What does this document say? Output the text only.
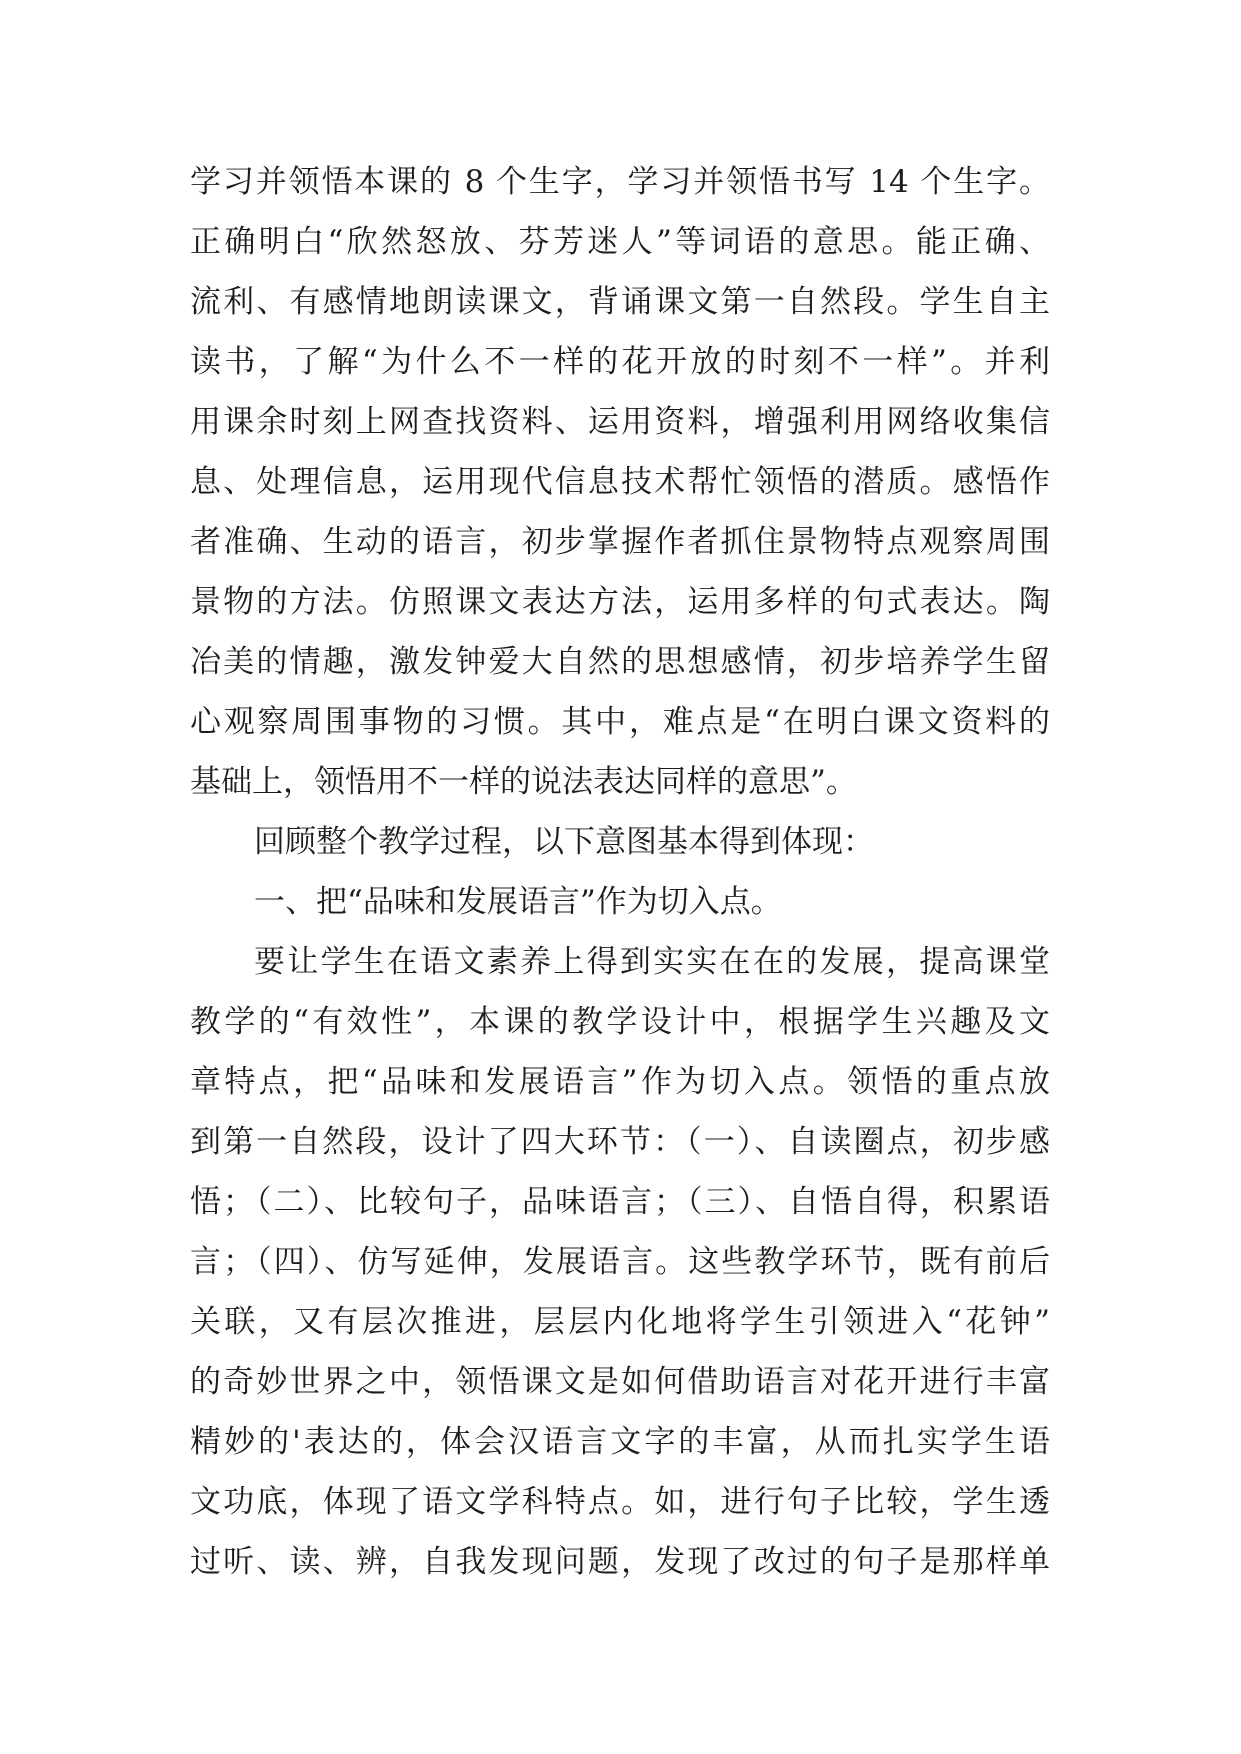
学习并领悟本课的 8 个生字，学习并领悟书写 14 个生字。
正确明白“欣然怒放、芬芳迷人”等词语的意思。能正确、
流利、有感情地朗读课文，背诵课文第一自然段。学生自主
读书，了解“为什么不一样的花开放的时刻不一样”。并利
用课余时刻上网查找资料、运用资料，增强利用网络收集信
息、处理信息，运用现代信息技术帮忙领悟的潜质。感悟作
者准确、生动的语言，初步掌握作者抓住景物特点观察周围
景物的方法。仿照课文表达方法，运用多样的句式表达。陶
冶美的情趣，激发钟爱大自然的思想感情，初步培养学生留
心观察周围事物的习惯。其中，难点是“在明白课文资料的
基础上，领悟用不一样的说法表达同样的意思”。
回顾整个教学过程，以下意图基本得到体现：
一、把“品味和发展语言”作为切入点。
要让学生在语文素养上得到实实在在的发展，提高课堂
教学的“有效性”，本课的教学设计中，根据学生兴趣及文
章特点，把“品味和发展语言”作为切入点。领悟的重点放
到第一自然段，设计了四大环节：（一）、自读圈点，初步感
悟；（二）、比较句子，品味语言；（三）、自悟自得，积累语
言；（四）、仿写延伸，发展语言。这些教学环节，既有前后
关联，又有层次推进，层层内化地将学生引领进入“花钟”
的奇妙世界之中，领悟课文是如何借助语言对花开进行丰富
精妙的'表达的，体会汉语言文字的丰富，从而扎实学生语
文功底，体现了语文学科特点。如，进行句子比较，学生透
过听、读、辨，自我发现问题，发现了改过的句子是那样单
